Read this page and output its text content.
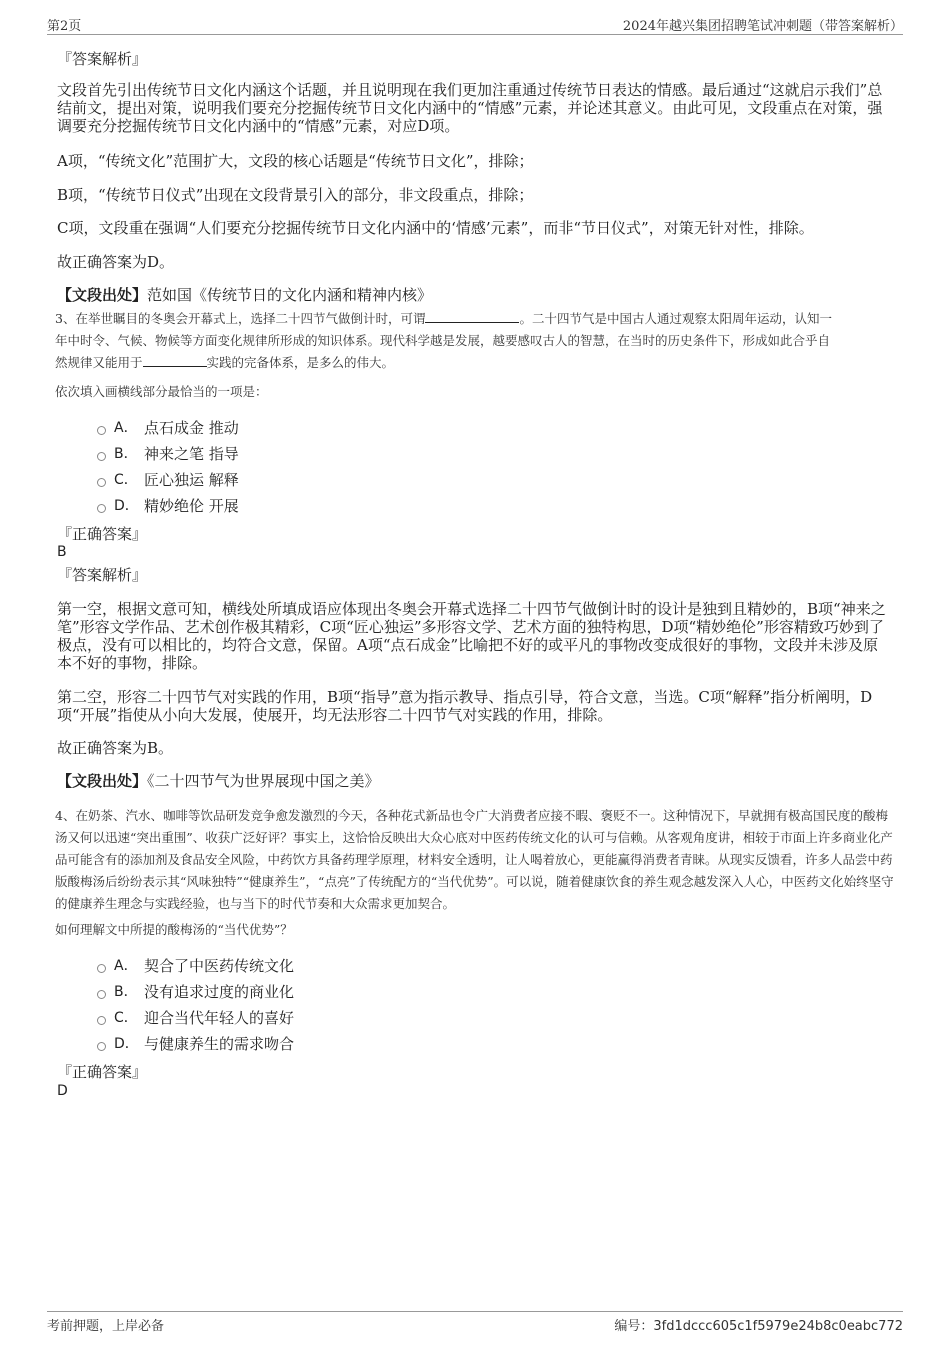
第2页	2024年越兴集团招聘笔试冲刺题（带答案解析）
『答案解析』
文段首先引出传统节日文化内涵这个话题，并且说明现在我们更加注重通过传统节日表达的情感。最后通过“这就启示我们”总结前文，提出对策，说明我们要充分挖掘传统节日文化内涵中的“情感”元素，并论述其意义。由此可见，文段重点在对策，强调要充分挖掘传统节日文化内涵中的“情感”元素，对应D项。
A项，“传统文化”范围扩大，文段的核心话题是“传统节日文化”，排除；
B项，“传统节日仪式”出现在文段背景引入的部分，非文段重点，排除；
C项，文段重在强调“人们要充分挖掘传统节日文化内涵中的‘情感’元素”，而非“节日仪式”，对策无针对性，排除。
故正确答案为D。
【文段出处】范如国《传统节日的文化内涵和精神内核》
3、在举世瞩目的冬奥会开幕式上，选择二十四节气做倒计时，可谓	。二十四节气是中国古人通过观察太阳周年运动，认知一
年中时令、气候、物候等方面变化规律所形成的知识体系。现代科学越是发展，越要感叹古人的智慧，在当时的历史条件下，形成如此合乎自
然规律又能用于	实践的完备体系，是多么的伟大。
依次填入画横线部分最恰当的一项是：
A． 点石成金 推动
B． 神来之笔 指导
C． 匠心独运 解释
D． 精妙绝伦 开展
『正确答案』
B
『答案解析』
第一空，根据文意可知，横线处所填成语应体现出冬奥会开幕式选择二十四节气做倒计时的设计是独到且精妙的，B项“神来之笔”形容文学作品、艺术创作极其精彩，C项“匠心独运”多形容文学、艺术方面的独特构思，D项“精妙绝伦”形容精致巧妙到了极点，没有可以相比的，均符合文意，保留。A项“点石成金”比喻把不好的或平凡的事物改变成很好的事物，文段并未涉及原本不好的事物，排除。
第二空，形容二十四节气对实践的作用，B项“指导”意为指示教导、指点引导，符合文意，当选。C项“解释”指分析阐明，D项“开展”指使从小向大发展，使展开，均无法形容二十四节气对实践的作用，排除。
故正确答案为B。
【文段出处】《二十四节气为世界展现中国之美》
4、在奶茶、汽水、咖啡等饮品研发竞争愈发激烈的今天，各种花式新品也令广大消费者应接不暇、褒贬不一。这种情况下，早就拥有极高国民度的酸梅汤又何以迅速“突出重围”、收获广泛好评？事实上，这恰恰反映出大众心底对中医药传统文化的认可与信赖。从客观角度讲，相较于市面上许多商业化产品可能含有的添加剂及食品安全风险，中药饮方具备药理学原理，材料安全透明，让人喝着放心，更能赢得消费者青睐。从现实反馈看，许多人品尝中药版酸梅汤后纷纷表示其“风味独特”“健康养生”，“点亮”了传统配方的“当代优势”。可以说，随着健康饮食的养生观念越发深入人心，中医药文化始终坚守的健康养生理念与实践经验，也与当下的时代节奏和大众需求更加契合。
如何理解文中所提的酸梅汤的“当代优势”？
A． 契合了中医药传统文化
B． 没有追求过度的商业化
C． 迎合当代年轻人的喜好
D． 与健康养生的需求吻合
『正确答案』
D
考前押题，上岸必备	编号：3fd1dccc605c1f5979e24b8c0eabc772
